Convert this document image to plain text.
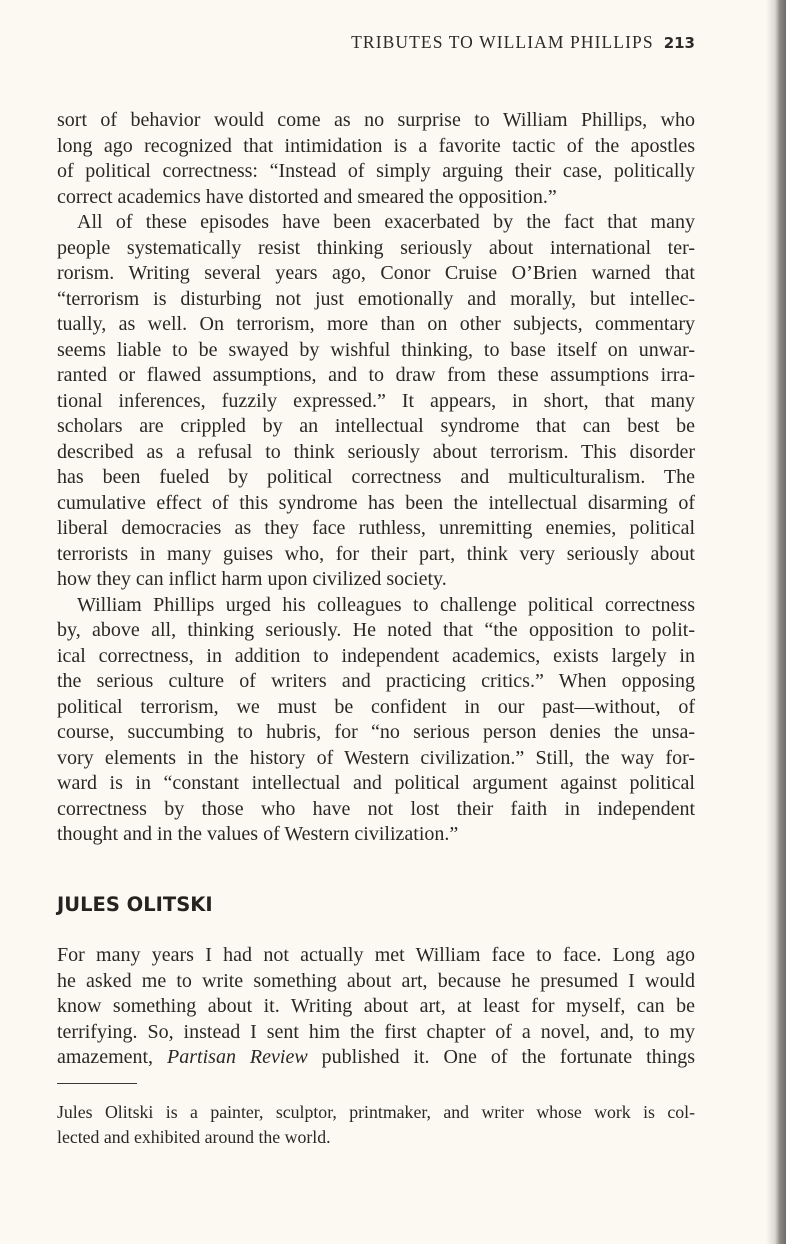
TRIBUTES TO WILLIAM PHILLIPS 213
sort of behavior would come as no surprise to William Phillips, who
long ago recognized that intimidation is a favorite tactic of the apostles
of political correctness: “Instead of simply arguing their case, politically
correct academics have distorted and smeared the opposition.”
All of these episodes have been exacerbated by the fact that many
people systematically resist thinking seriously about international ter-
rorism. Writing several years ago, Conor Cruise O’Brien warned that
“terrorism is disturbing not just emotionally and morally, but intellec-
tually, as well. On terrorism, more than on other subjects, commentary
seems liable to be swayed by wishful thinking, to base itself on unwar-
ranted or flawed assumptions, and to draw from these assumptions irra-
tional inferences, fuzzily expressed.” It appears, in short, that many
scholars are crippled by an intellectual syndrome that can best be
described as a refusal to think seriously about terrorism. This disorder
has been fueled by political correctness and multiculturalism. The
cumulative effect of this syndrome has been the intellectual disarming of
liberal democracies as they face ruthless, unremitting enemies, political
terrorists in many guises who, for their part, think very seriously about
how they can inflict harm upon civilized society.
William Phillips urged his colleagues to challenge political correctness
by, above all, thinking seriously. He noted that “the opposition to polit-
ical correctness, in addition to independent academics, exists largely in
the serious culture of writers and practicing critics.” When opposing
political terrorism, we must be confident in our past—without, of
course, succumbing to hubris, for “no serious person denies the unsa-
vory elements in the history of Western civilization.” Still, the way for-
ward is in “constant intellectual and political argument against political
correctness by those who have not lost their faith in independent
thought and in the values of Western civilization.”
JULES OLITSKI
For many years I had not actually met William face to face. Long ago
he asked me to write something about art, because he presumed I would
know something about it. Writing about art, at least for myself, can be
terrifying. So, instead I sent him the first chapter of a novel, and, to my
amazement, Partisan Review published it. One of the fortunate things
Jules Olitski is a painter, sculptor, printmaker, and writer whose work is col-
lected and exhibited around the world.
